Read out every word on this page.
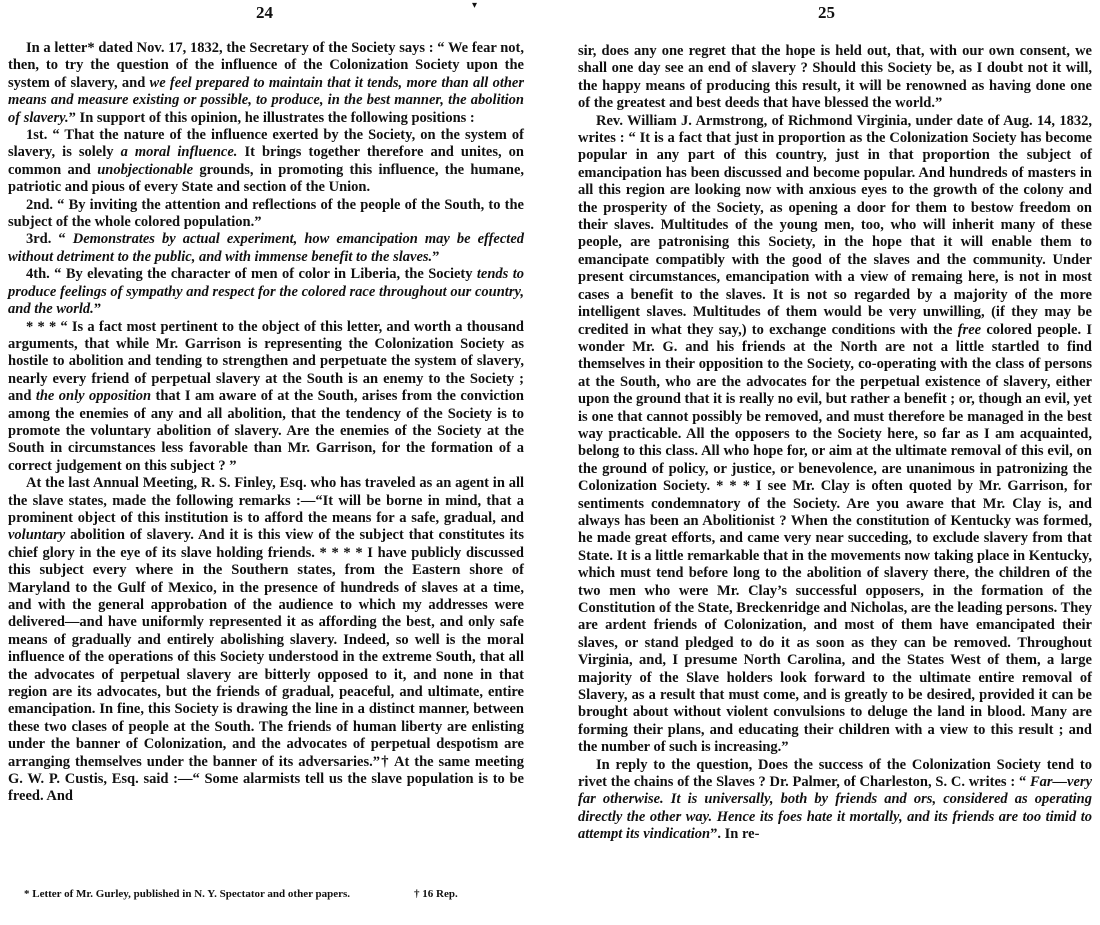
24	▾

In a letter* dated Nov. 17, 1832, the Secretary of the Society says : “ We fear not, then, to try the question of the influence of the Colonization Society upon the system of slavery, and we feel prepared to maintain that it tends, more than all other means and measure existing or possible, to produce, in the best manner, the abolition of slavery.” In support of this opinion, he illustrates the following positions :

1st. “ That the nature of the influence exerted by the Society, on the system of slavery, is solely a moral influence. It brings together therefore and unites, on common and unobjectionable grounds, in promoting this influence, the humane, patriotic and pious of every State and section of the Union.

2nd. “ By inviting the attention and reflections of the people of the South, to the subject of the whole colored population.”

3rd. “ Demonstrates by actual experiment, how emancipation may be effected without detriment to the public, and with immense benefit to the slaves.”

4th. “ By elevating the character of men of color in Liberia, the Society tends to produce feelings of sympathy and respect for the colored race throughout our country, and the world.”

* * * “ Is a fact most pertinent to the object of this letter, and worth a thousand arguments, that while Mr. Garrison is representing the Colonization Society as hostile to abolition and tending to strengthen and perpetuate the system of slavery, nearly every friend of perpetual slavery at the South is an enemy to the Society ; and the only opposition that I am aware of at the South, arises from the conviction among the enemies of any and all abolition, that the tendency of the Society is to promote the voluntary abolition of slavery. Are the enemies of the Society at the South in circumstances less favorable than Mr. Garrison, for the formation of a correct judgement on this subject ? ”

At the last Annual Meeting, R. S. Finley, Esq. who has traveled as an agent in all the slave states, made the following remarks :—“It will be borne in mind, that a prominent object of this institution is to afford the means for a safe, gradual, and voluntary abolition of slavery. And it is this view of the subject that constitutes its chief glory in the eye of its slave holding friends. * * * * I have publicly discussed this subject every where in the Southern states, from the Eastern shore of Maryland to the Gulf of Mexico, in the presence of hundreds of slaves at a time, and with the general approbation of the audience to which my addresses were delivered—and have uniformly represented it as affording the best, and only safe means of gradually and entirely abolishing slavery. Indeed, so well is the moral influence of the operations of this Society understood in the extreme South, that all the advocates of perpetual slavery are bitterly opposed to it, and none in that region are its advocates, but the friends of gradual, peaceful, and ultimate, entire emancipation. In fine, this Society is drawing the line in a distinct manner, between these two clases of people at the South. The friends of human liberty are enlisting under the banner of Colonization, and the advocates of perpetual despotism are arranging themselves under the banner of its adversaries.”† At the same meeting G. W. P. Custis, Esq. said :—“ Some alarmists tell us the slave population is to be freed. And

* Letter of Mr. Gurley, published in N. Y. Spectator and other papers.	† 16 Rep.
25

sir, does any one regret that the hope is held out, that, with our own consent, we shall one day see an end of slavery ? Should this Society be, as I doubt not it will, the happy means of producing this result, it will be renowned as having done one of the greatest and best deeds that have blessed the world.”

Rev. William J. Armstrong, of Richmond Virginia, under date of Aug. 14, 1832, writes : “ It is a fact that just in proportion as the Colonization Society has become popular in any part of this country, just in that proportion the subject of emancipation has been discussed and become popular. And hundreds of masters in all this region are looking now with anxious eyes to the growth of the colony and the prosperity of the Society, as opening a door for them to bestow freedom on their slaves. Multitudes of the young men, too, who will inherit many of these people, are patronising this Society, in the hope that it will enable them to emancipate compatibly with the good of the slaves and the community. Under present circumstances, emancipation with a view of remaing here, is not in most cases a benefit to the slaves. It is not so regarded by a majority of the more intelligent slaves. Multitudes of them would be very unwilling, (if they may be credited in what they say,) to exchange conditions with the free colored people. I wonder Mr. G. and his friends at the North are not a little startled to find themselves in their opposition to the Society, co-operating with the class of persons at the South, who are the advocates for the perpetual existence of slavery, either upon the ground that it is really no evil, but rather a benefit ; or, though an evil, yet is one that cannot possibly be removed, and must therefore be managed in the best way practicable. All the opposers to the Society here, so far as I am acquainted, belong to this class. All who hope for, or aim at the ultimate removal of this evil, on the ground of policy, or justice, or benevolence, are unanimous in patronizing the Colonization Society. * * * I see Mr. Clay is often quoted by Mr. Garrison, for sentiments condemnatory of the Society. Are you aware that Mr. Clay is, and always has been an Abolitionist ? When the constitution of Kentucky was formed, he made great efforts, and came very near succeding, to exclude slavery from that State. It is a little remarkable that in the movements now taking place in Kentucky, which must tend before long to the abolition of slavery there, the children of the two men who were Mr. Clay’s successful opposers, in the formation of the Constitution of the State, Breckenridge and Nicholas, are the leading persons. They are ardent friends of Colonization, and most of them have emancipated their slaves, or stand pledged to do it as soon as they can be removed. Throughout Virginia, and, I presume North Carolina, and the States West of them, a large majority of the Slave holders look forward to the ultimate entire removal of Slavery, as a result that must come, and is greatly to be desired, provided it can be brought about without violent convulsions to deluge the land in blood. Many are forming their plans, and educating their children with a view to this result ; and the number of such is increasing.”

In reply to the question, Does the success of the Colonization Society tend to rivet the chains of the Slaves ? Dr. Palmer, of Charleston, S. C. writes : “ Far—very far otherwise. It is universally, both by friends and ors, considered as operating directly the other way. Hence its foes hate it mortally, and its friends are too timid to attempt its vindication”. In re-
